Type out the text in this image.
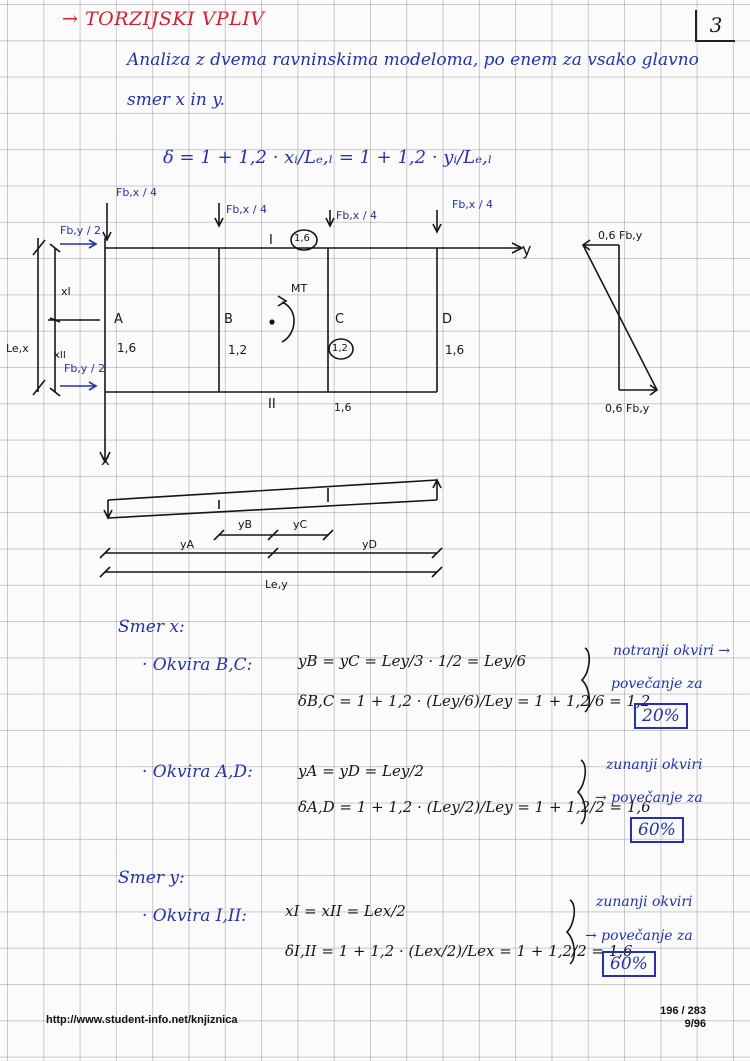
→ TORZIJSKI VPLIV	3
Analiza z dvema ravninskima modeloma, po enem za vsako glavno
smer x in y.
δ = 1 + 1,2 · xᵢ/Lₑ,ₗ = 1 + 1,2 · yᵢ/Lₑ,ₗ
Fb,x / 4
Fb,x / 4	Fb,x / 4
Fb,x / 4
Fb,y / 2
Fb,y / 2
I 1,6
II	1,6
A	B	C	D
1,6	1,2	1,2	1,6
MT
y
x
xI
xII
Le,x
0,6 Fb,y
0,6 Fb,y
yB	yC
yA	yD
Le,y
Smer x:
· Okvira B,C:	yB = yC = Ley/3 · 1/2 = Ley/6
δB,C = 1 + 1,2 · (Ley/6)/Ley = 1 + 1,2/6 = 1,2
notranji okviri →
povečanje za
20%
· Okvira A,D:	yA = yD = Ley/2
δA,D = 1 + 1,2 · (Ley/2)/Ley = 1 + 1,2/2 = 1,6
zunanji okviri
→ povečanje za
60%
Smer y:
· Okvira I,II:	xI = xII = Lex/2
δI,II = 1 + 1,2 · (Lex/2)/Lex = 1 + 1,2/2 = 1,6
zunanji okviri
→ povečanje za
60%
http://www.student-info.net/knjiznica
196 / 283
9/96
